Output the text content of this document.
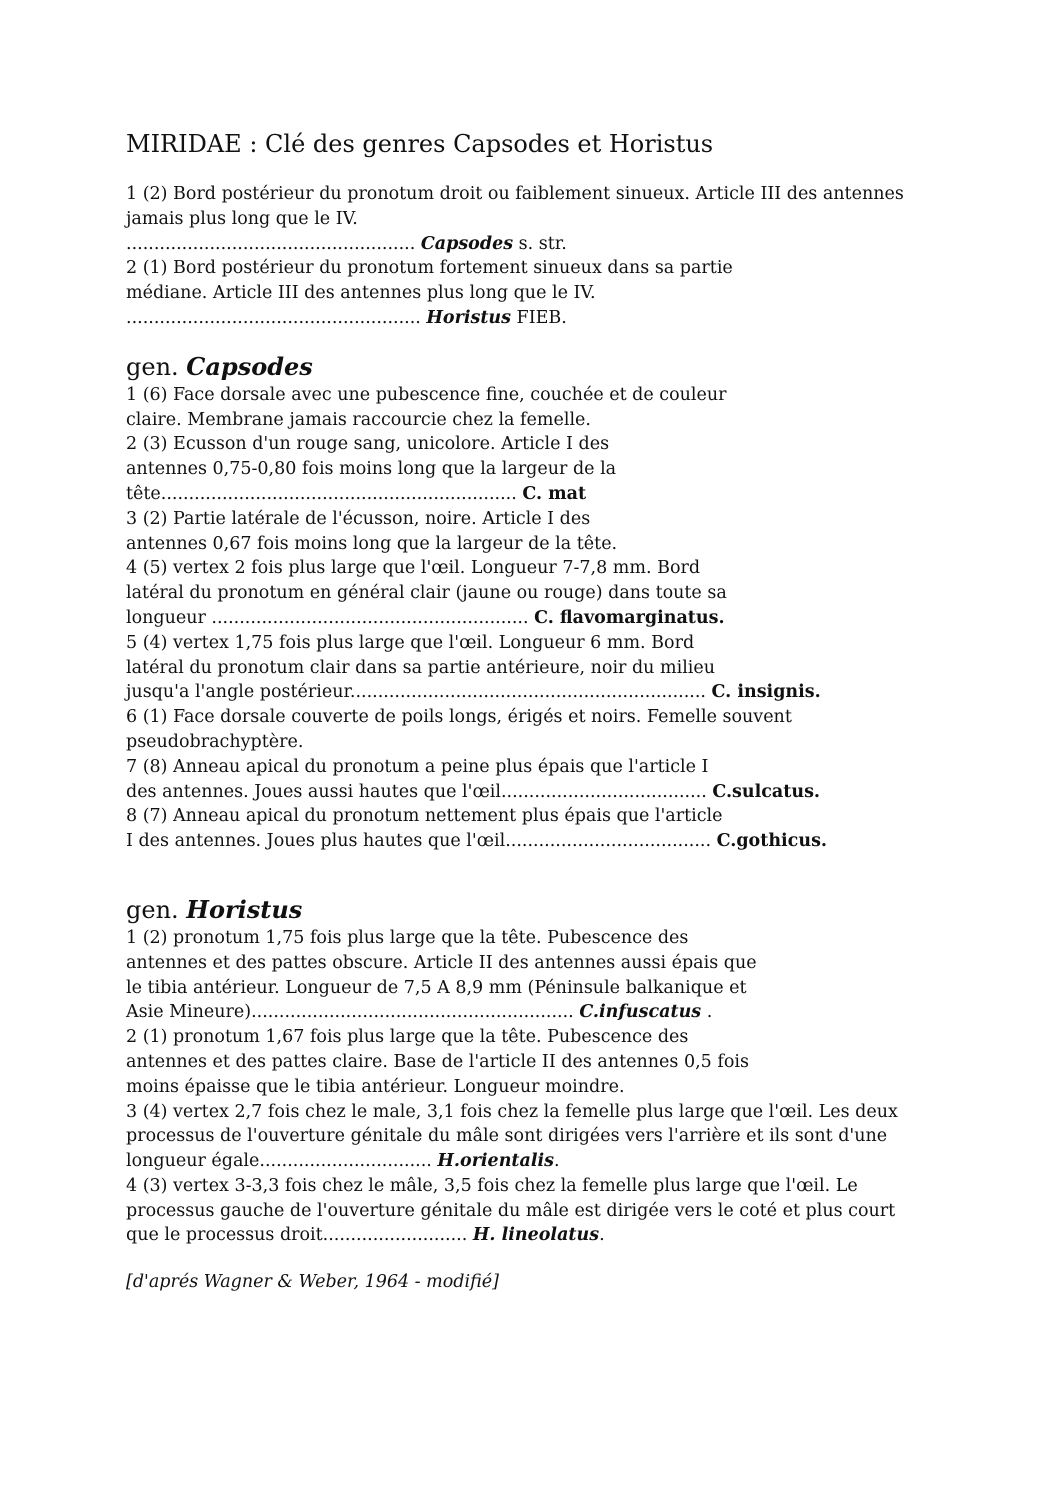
MIRIDAE : Clé des genres Capsodes et Horistus
1 (2) Bord postérieur du pronotum droit ou faiblement sinueux. Article III des antennes
jamais plus long que le IV.
.................................................... Capsodes s. str.
2 (1) Bord postérieur du pronotum fortement sinueux dans sa partie
médiane. Article III des antennes plus long que le IV.
..................................................... Horistus FIEB.
gen. Capsodes
1 (6) Face dorsale avec une pubescence fine, couchée et de couleur
claire. Membrane jamais raccourcie chez la femelle.
2 (3) Ecusson d'un rouge sang, unicolore. Article I des
antennes 0,75-0,80 fois moins long que la largeur de la
tête................................................................ C. mat
3 (2) Partie latérale de l'écusson, noire. Article I des
antennes 0,67 fois moins long que la largeur de la tête.
4 (5) vertex 2 fois plus large que l'œil. Longueur 7-7,8 mm. Bord
latéral du pronotum en général clair (jaune ou rouge) dans toute sa
longueur ......................................................... C. flavomarginatus.
5 (4) vertex 1,75 fois plus large que l'œil. Longueur 6 mm. Bord
latéral du pronotum clair dans sa partie antérieure, noir du milieu
jusqu'a l'angle postérieur................................................................ C. insignis.
6 (1) Face dorsale couverte de poils longs, érigés et noirs. Femelle souvent
pseudobrachyptère.
7 (8) Anneau apical du pronotum a peine plus épais que l'article I
des antennes. Joues aussi hautes que l'œil..................................... C.sulcatus.
8 (7) Anneau apical du pronotum nettement plus épais que l'article
I des antennes. Joues plus hautes que l'œil..................................... C.gothicus.
gen. Horistus
1 (2) pronotum 1,75 fois plus large que la tête. Pubescence des
antennes et des pattes obscure. Article II des antennes aussi épais que
le tibia antérieur. Longueur de 7,5 A 8,9 mm (Péninsule balkanique et
Asie Mineure).......................................................... C.infuscatus .
2 (1) pronotum 1,67 fois plus large que la tête. Pubescence des
antennes et des pattes claire. Base de l'article II des antennes 0,5 fois
moins épaisse que le tibia antérieur. Longueur moindre.
3 (4) vertex 2,7 fois chez le male, 3,1 fois chez la femelle plus large que l'œil. Les deux
processus de l'ouverture génitale du mâle sont dirigées vers l'arrière et ils sont d'une
longueur égale............................... H.orientalis.
4 (3) vertex 3-3,3 fois chez le mâle, 3,5 fois chez la femelle plus large que l'œil. Le
processus gauche de l'ouverture génitale du mâle est dirigée vers le coté et plus court
que le processus droit.......................... H. lineolatus.
[d'aprés Wagner & Weber, 1964 - modifié]
